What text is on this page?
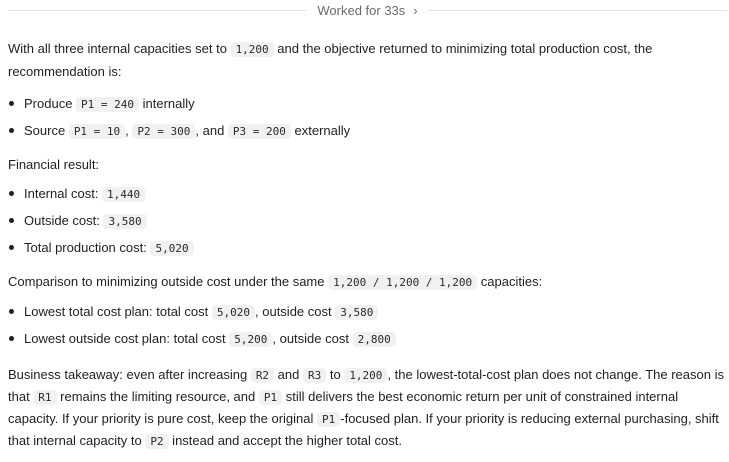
Worked for 33s ›

With all three internal capacities set to 1,200 and the objective returned to minimizing total production cost, the recommendation is:

Produce P1 = 240 internally
Source P1 = 10 , P2 = 300 , and P3 = 200 externally

Financial result:

Internal cost: 1,440
Outside cost: 3,580
Total production cost: 5,020

Comparison to minimizing outside cost under the same 1,200 / 1,200 / 1,200 capacities:

Lowest total cost plan: total cost 5,020 , outside cost 3,580
Lowest outside cost plan: total cost 5,200 , outside cost 2,800

Business takeaway: even after increasing R2 and R3 to 1,200 , the lowest-total-cost plan does not change. The reason is that R1 remains the limiting resource, and P1 still delivers the best economic return per unit of constrained internal capacity. If your priority is pure cost, keep the original P1 -focused plan. If your priority is reducing external purchasing, shift that internal capacity to P2 instead and accept the higher total cost.
